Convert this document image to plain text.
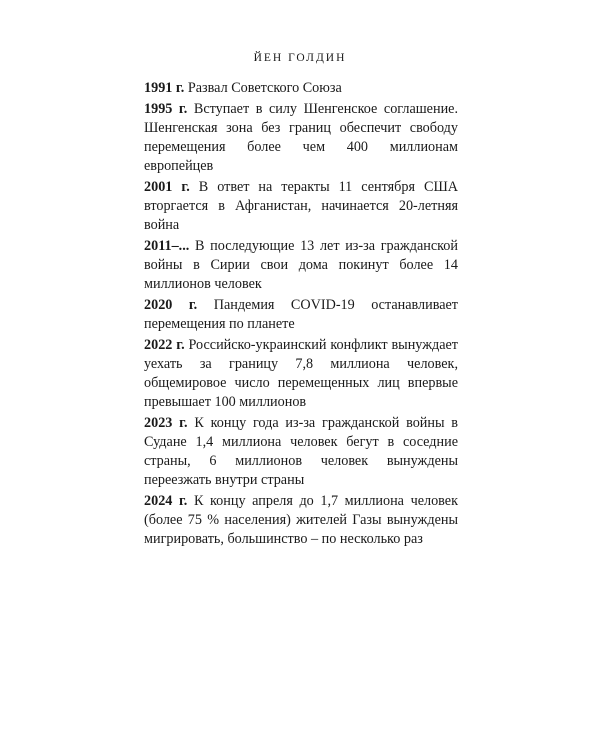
ЙЕН ГОЛДИН

1991 г. Развал Советского Союза

1995 г. Вступает в силу Шенгенское соглашение. Шенгенская зона без границ обеспечит свободу перемещения более чем 400 миллионам европейцев

2001 г. В ответ на теракты 11 сентября США вторгается в Афганистан, начинается 20-летняя война

2011–... В последующие 13 лет из-за гражданской войны в Сирии свои дома покинут более 14 миллионов человек

2020 г. Пандемия COVID-19 останавливает перемещения по планете

2022 г. Российско-украинский конфликт вынуждает уехать за границу 7,8 миллиона человек, общемировое число перемещенных лиц впервые превышает 100 миллионов

2023 г. К концу года из-за гражданской войны в Судане 1,4 миллиона человек бегут в соседние страны, 6 миллионов человек вынуждены переезжать внутри страны

2024 г. К концу апреля до 1,7 миллиона человек (более 75 % населения) жителей Газы вынуждены мигрировать, большинство – по несколько раз
